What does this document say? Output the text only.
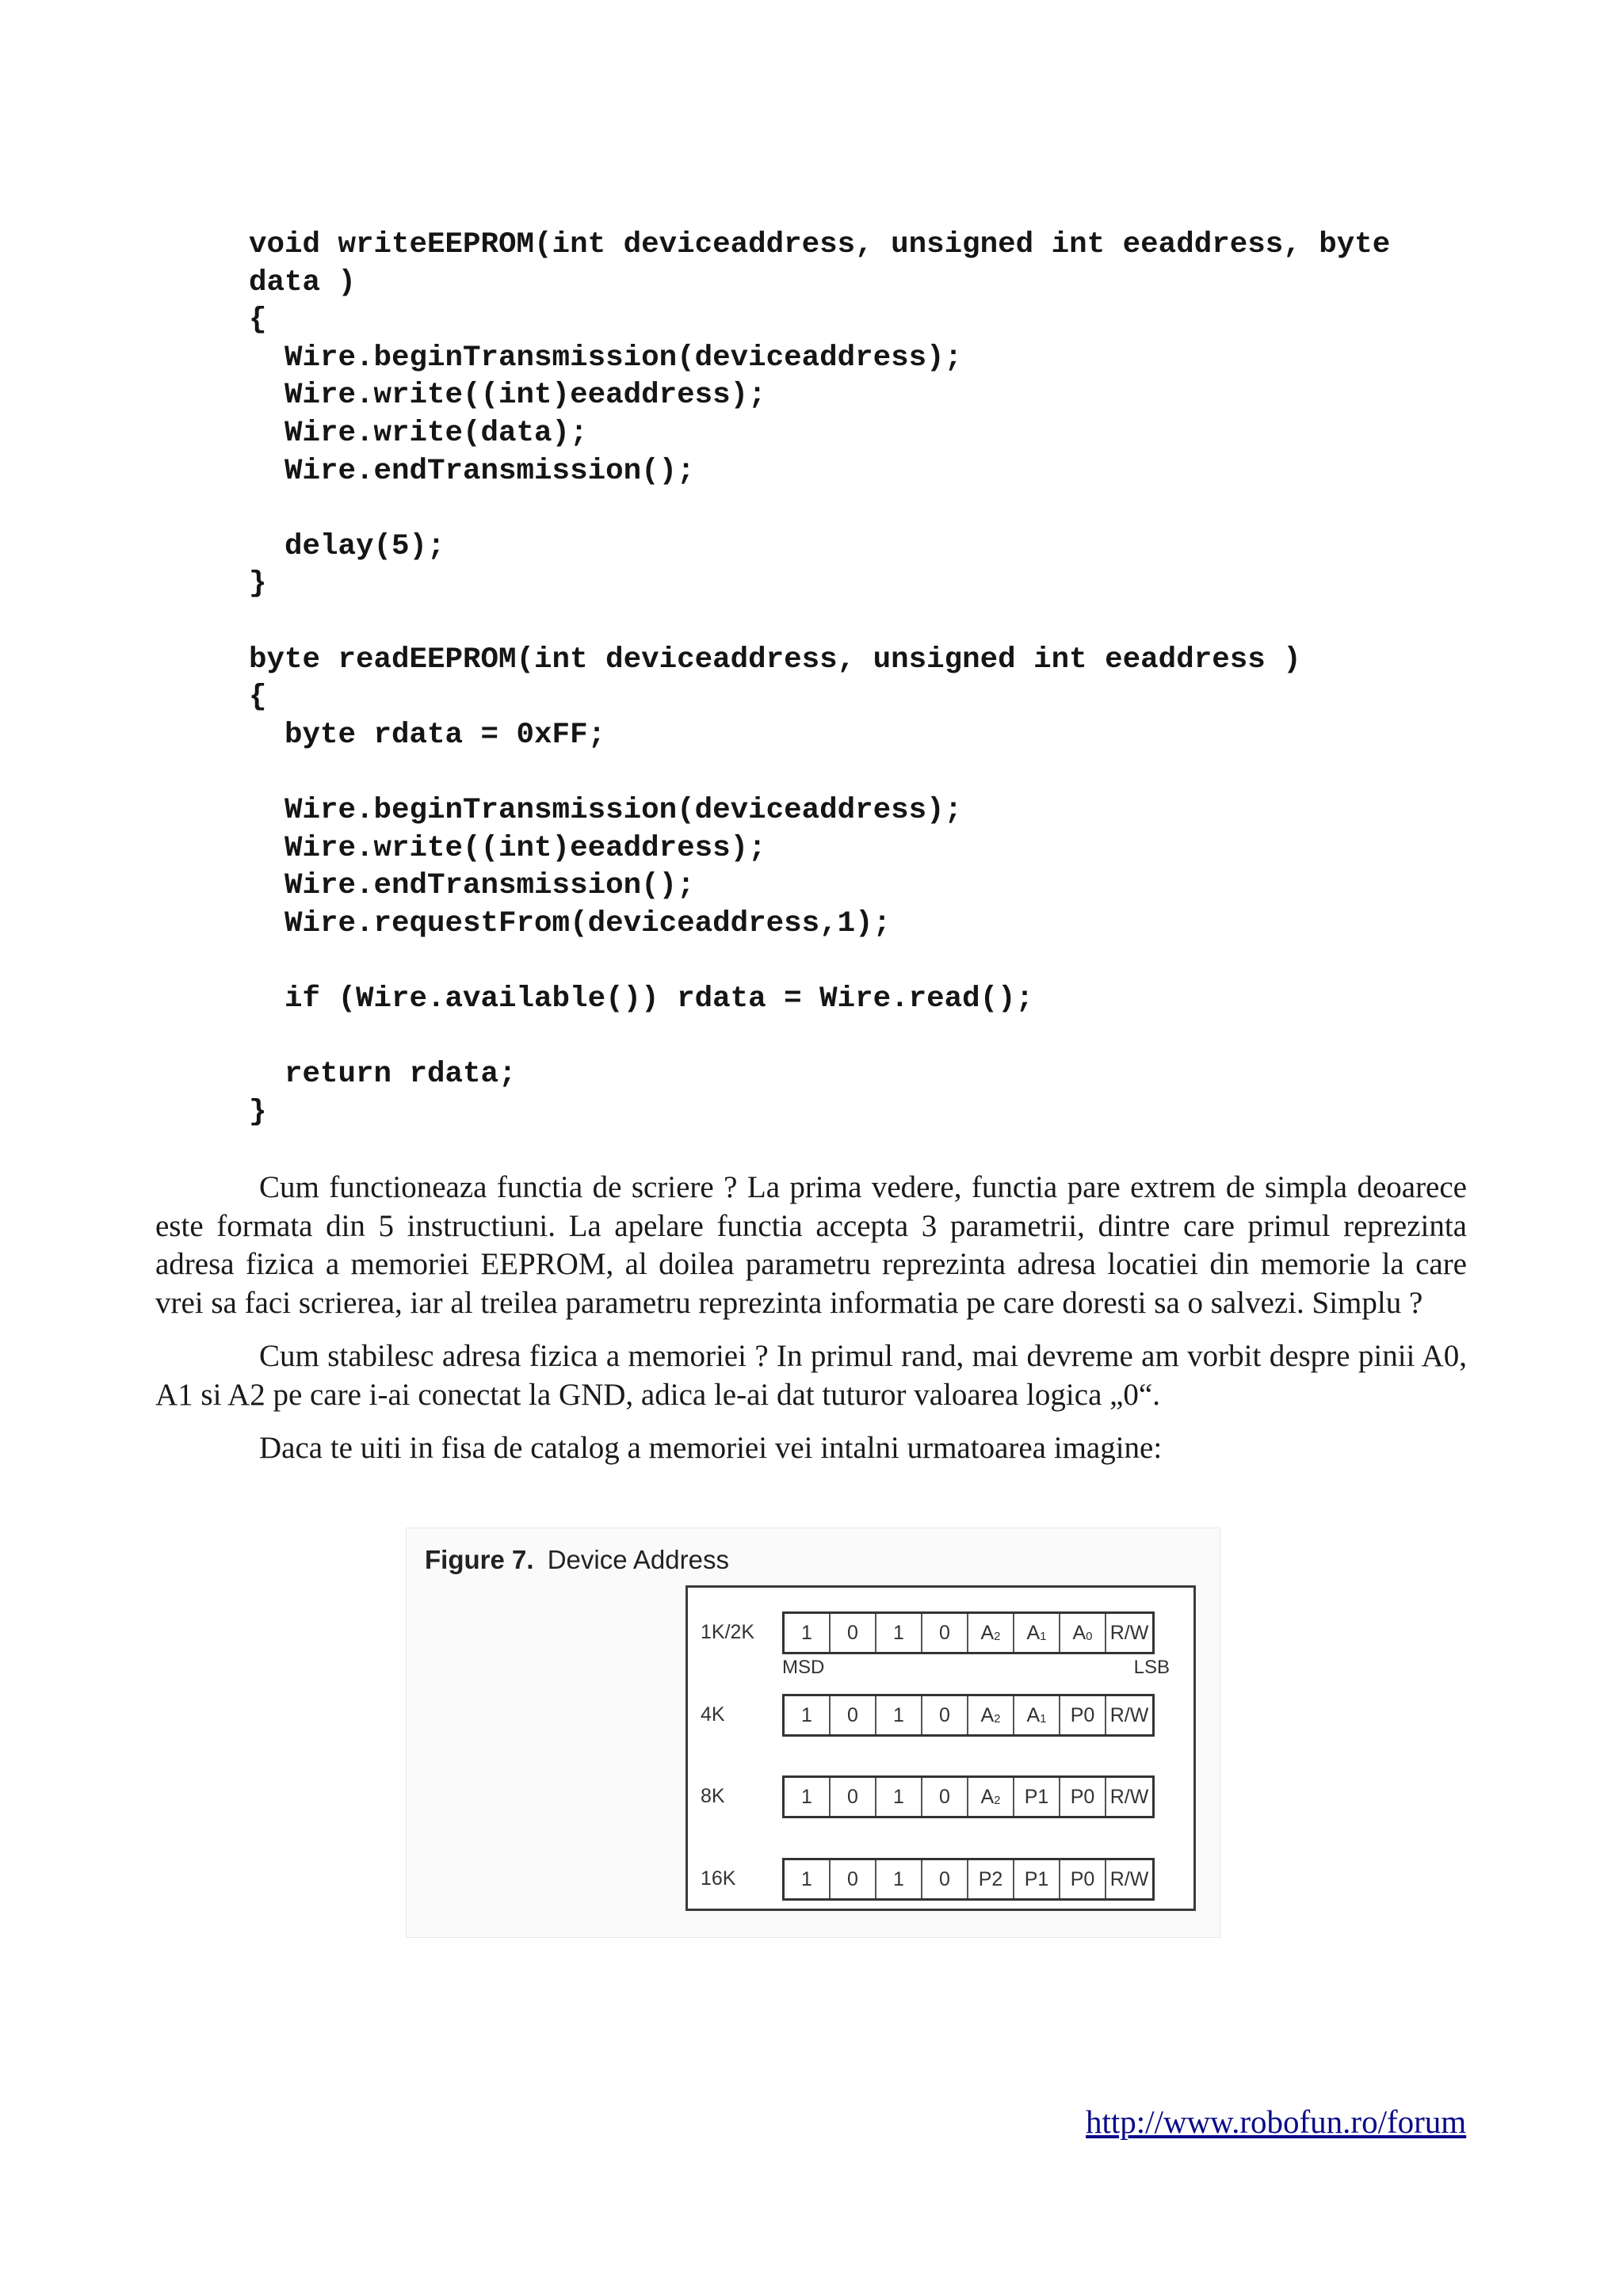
void writeEEPROM(int deviceaddress, unsigned int eeaddress, byte
data )
{
Wire.beginTransmission(deviceaddress);
Wire.write((int)eeaddress);
Wire.write(data);
Wire.endTransmission();
delay(5);
}
byte readEEPROM(int deviceaddress, unsigned int eeaddress )
{
byte rdata = 0xFF;
Wire.beginTransmission(deviceaddress);
Wire.write((int)eeaddress);
Wire.endTransmission();
Wire.requestFrom(deviceaddress,1);
if (Wire.available()) rdata = Wire.read();
return rdata;
}

Cum functioneaza functia de scriere ? La prima vedere, functia pare extrem de simpla deoarece este formata din 5 instructiuni. La apelare functia accepta 3 parametrii, dintre care primul reprezinta adresa fizica a memoriei EEPROM, al doilea parametru reprezinta adresa locatiei din memorie la care vrei sa faci scrierea, iar al treilea parametru reprezinta informatia pe care doresti sa o salvezi. Simplu ?

Cum stabilesc adresa fizica a memoriei ? In primul rand, mai devreme am vorbit despre pinii A0, A1 si A2 pe care i-ai conectat la GND, adica le-ai dat tuturor valoarea logica „0“.

Daca te uiti in fisa de catalog a memoriei vei intalni urmatoarea imagine:

Figure 7. Device Address
MSD	LSB
1K/2K 1 0 1 0 $A_2$ $A_1$ $A_0$ R/W
4K	1 0 1 0 $A_2$ $A_1$ P0 R/W
8K	1 0 1 0 $A_2$ P1 P0 R/W
16K	1 0 1 0 P2 P1 P0 R/W
http://www.robofun.ro/forum
